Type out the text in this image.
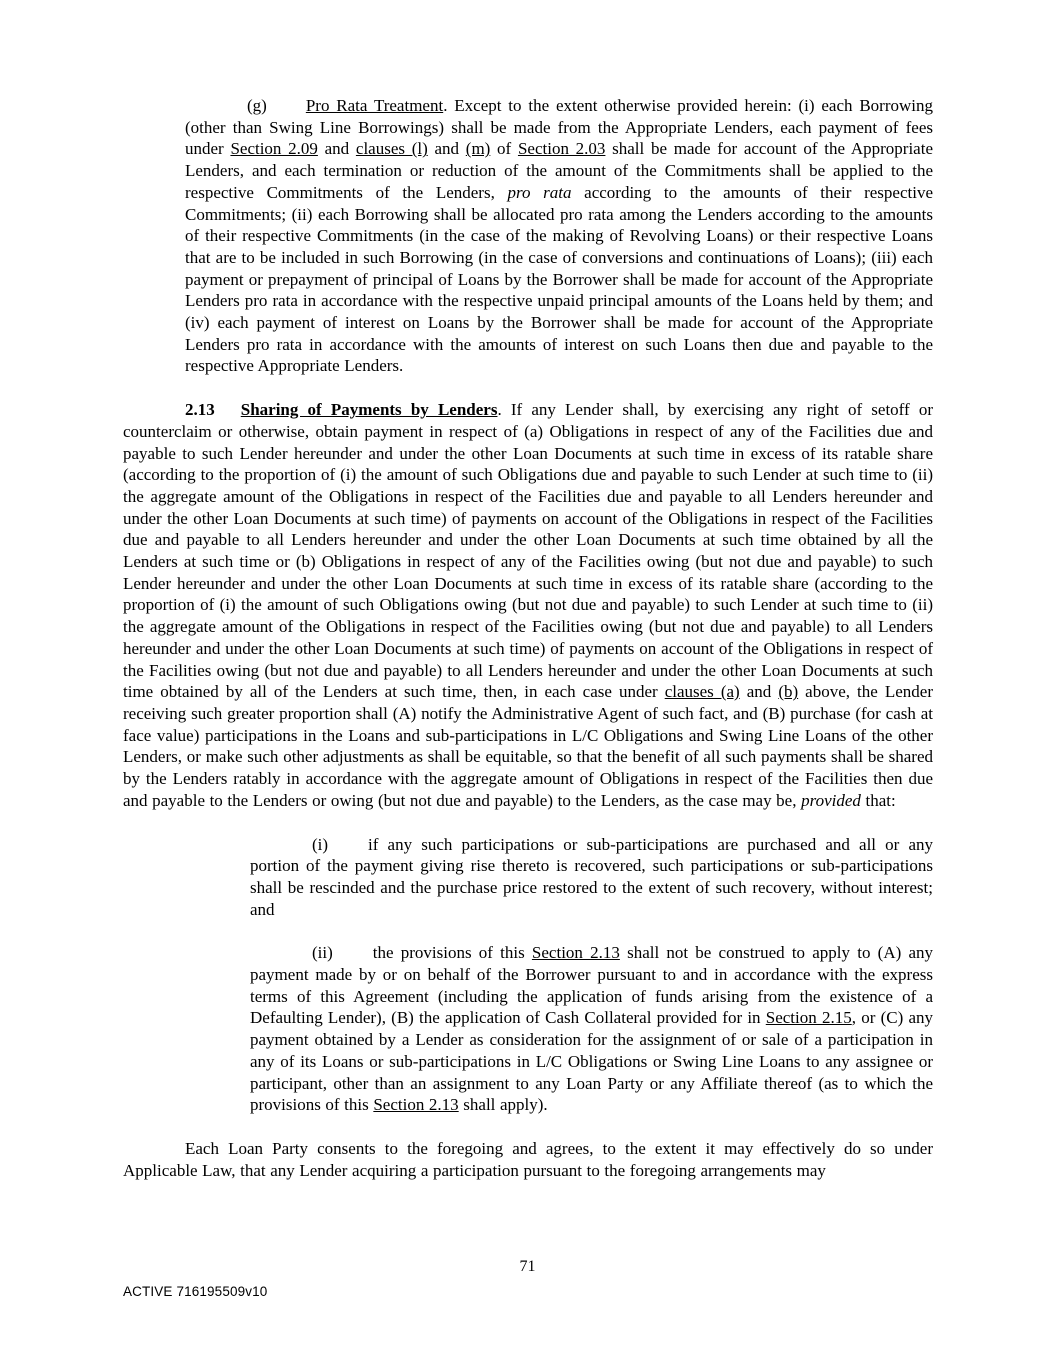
(g) Pro Rata Treatment. Except to the extent otherwise provided herein: (i) each Borrowing (other than Swing Line Borrowings) shall be made from the Appropriate Lenders, each payment of fees under Section 2.09 and clauses (l) and (m) of Section 2.03 shall be made for account of the Appropriate Lenders, and each termination or reduction of the amount of the Commitments shall be applied to the respective Commitments of the Lenders, pro rata according to the amounts of their respective Commitments; (ii) each Borrowing shall be allocated pro rata among the Lenders according to the amounts of their respective Commitments (in the case of the making of Revolving Loans) or their respective Loans that are to be included in such Borrowing (in the case of conversions and continuations of Loans); (iii) each payment or prepayment of principal of Loans by the Borrower shall be made for account of the Appropriate Lenders pro rata in accordance with the respective unpaid principal amounts of the Loans held by them; and (iv) each payment of interest on Loans by the Borrower shall be made for account of the Appropriate Lenders pro rata in accordance with the amounts of interest on such Loans then due and payable to the respective Appropriate Lenders.

2.13 Sharing of Payments by Lenders. If any Lender shall, by exercising any right of setoff or counterclaim or otherwise, obtain payment in respect of (a) Obligations in respect of any of the Facilities due and payable to such Lender hereunder and under the other Loan Documents at such time in excess of its ratable share (according to the proportion of (i) the amount of such Obligations due and payable to such Lender at such time to (ii) the aggregate amount of the Obligations in respect of the Facilities due and payable to all Lenders hereunder and under the other Loan Documents at such time) of payments on account of the Obligations in respect of the Facilities due and payable to all Lenders hereunder and under the other Loan Documents at such time obtained by all the Lenders at such time or (b) Obligations in respect of any of the Facilities owing (but not due and payable) to such Lender hereunder and under the other Loan Documents at such time in excess of its ratable share (according to the proportion of (i) the amount of such Obligations owing (but not due and payable) to such Lender at such time to (ii) the aggregate amount of the Obligations in respect of the Facilities owing (but not due and payable) to all Lenders hereunder and under the other Loan Documents at such time) of payments on account of the Obligations in respect of the Facilities owing (but not due and payable) to all Lenders hereunder and under the other Loan Documents at such time obtained by all of the Lenders at such time, then, in each case under clauses (a) and (b) above, the Lender receiving such greater proportion shall (A) notify the Administrative Agent of such fact, and (B) purchase (for cash at face value) participations in the Loans and sub-participations in L/C Obligations and Swing Line Loans of the other Lenders, or make such other adjustments as shall be equitable, so that the benefit of all such payments shall be shared by the Lenders ratably in accordance with the aggregate amount of Obligations in respect of the Facilities then due and payable to the Lenders or owing (but not due and payable) to the Lenders, as the case may be, provided that:

(i) if any such participations or sub-participations are purchased and all or any portion of the payment giving rise thereto is recovered, such participations or sub-participations shall be rescinded and the purchase price restored to the extent of such recovery, without interest; and

(ii) the provisions of this Section 2.13 shall not be construed to apply to (A) any payment made by or on behalf of the Borrower pursuant to and in accordance with the express terms of this Agreement (including the application of funds arising from the existence of a Defaulting Lender), (B) the application of Cash Collateral provided for in Section 2.15, or (C) any payment obtained by a Lender as consideration for the assignment of or sale of a participation in any of its Loans or sub-participations in L/C Obligations or Swing Line Loans to any assignee or participant, other than an assignment to any Loan Party or any Affiliate thereof (as to which the provisions of this Section 2.13 shall apply).

Each Loan Party consents to the foregoing and agrees, to the extent it may effectively do so under Applicable Law, that any Lender acquiring a participation pursuant to the foregoing arrangements may

71
ACTIVE 716195509v10
